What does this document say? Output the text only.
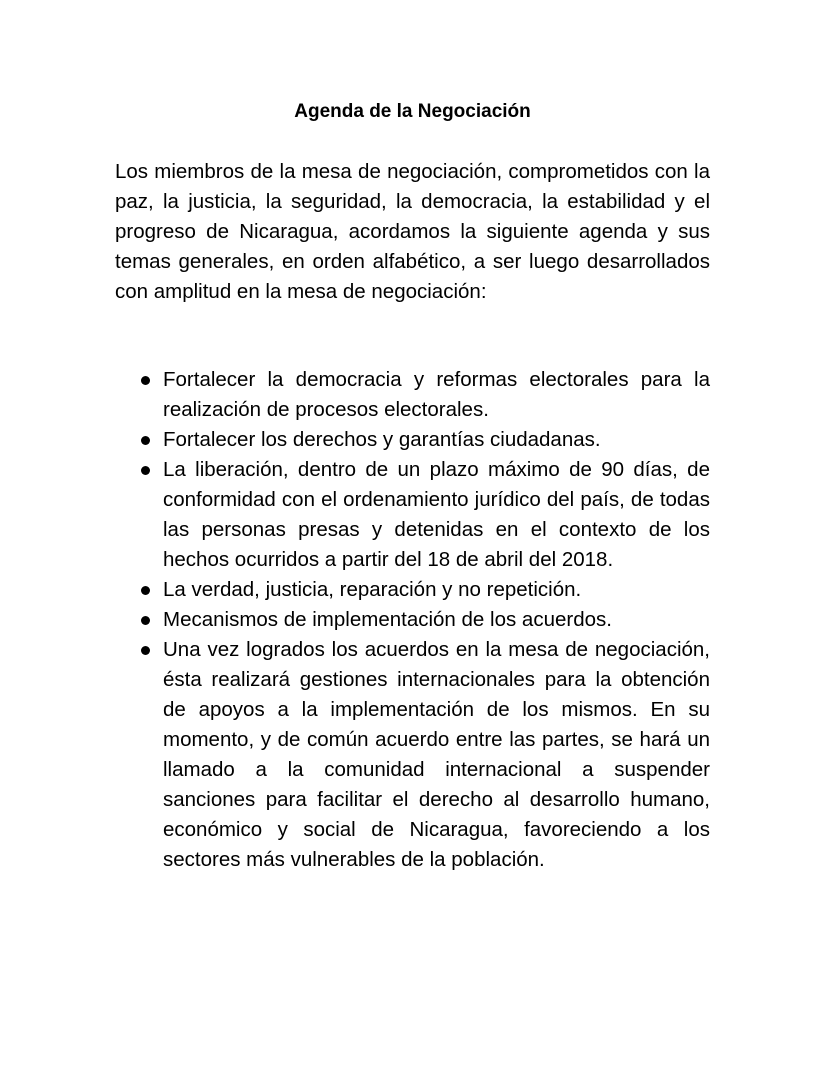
Agenda de la Negociación

Los miembros de la mesa de negociación, comprometidos con la paz, la justicia, la seguridad, la democracia, la estabilidad y el progreso de Nicaragua, acordamos la siguiente agenda y sus temas generales, en orden alfabético, a ser luego desarrollados con amplitud en la mesa de negociación:

Fortalecer la democracia y reformas electorales para la realización de procesos electorales.
Fortalecer los derechos y garantías ciudadanas.
La liberación, dentro de un plazo máximo de 90 días, de conformidad con el ordenamiento jurídico del país, de todas las personas presas y detenidas en el contexto de los hechos ocurridos a partir del 18 de abril del 2018.
La verdad, justicia, reparación y no repetición.
Mecanismos de implementación de los acuerdos.
Una vez logrados los acuerdos en la mesa de negociación, ésta realizará gestiones internacionales para la obtención de apoyos a la implementación de los mismos. En su momento, y de común acuerdo entre las partes, se hará un llamado a la comunidad internacional a suspender sanciones para facilitar el derecho al desarrollo humano, económico y social de Nicaragua, favoreciendo a los sectores más vulnerables de la población.
